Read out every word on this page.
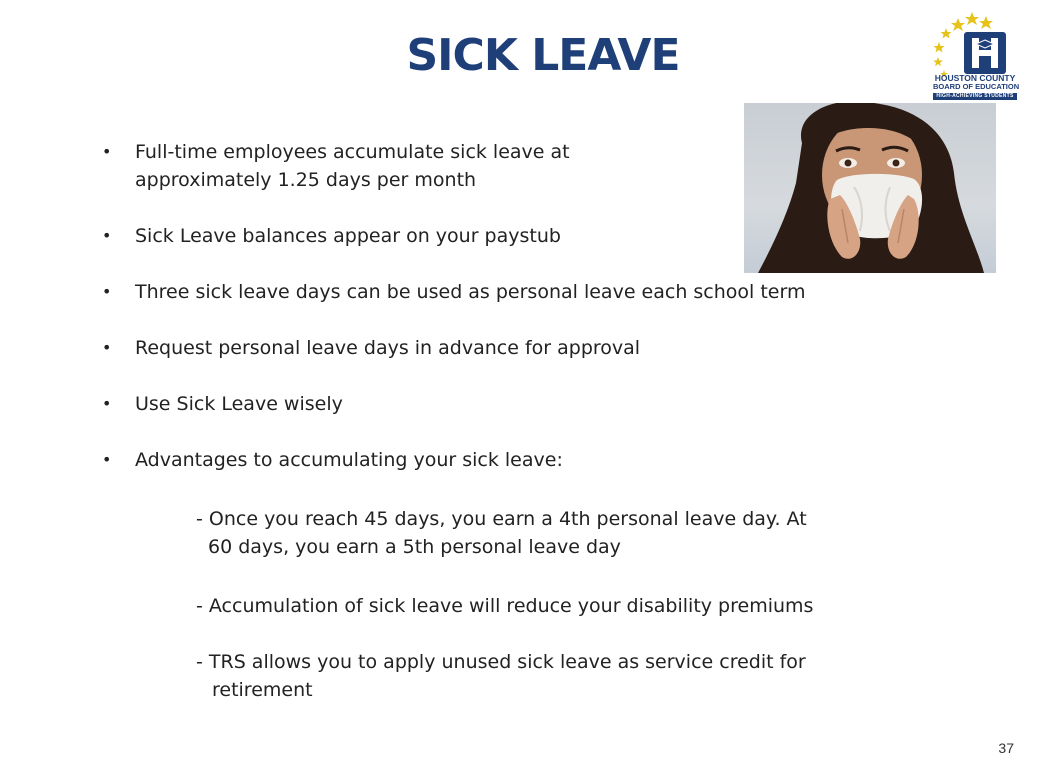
SICK LEAVE	HOUSTON COUNTY
BOARD OF EDUCATION
HIGH-ACHIEVING STUDENTS
• Full-time employees accumulate sick leave at approximately 1.25 days per month
• Sick Leave balances appear on your paystub
• Three sick leave days can be used as personal leave each school term
• Request personal leave days in advance for approval
• Use Sick Leave wisely
• Advantages to accumulating your sick leave:
- Once you reach 45 days, you earn a 4th personal leave day. At
60 days, you earn a 5th personal leave day
- Accumulation of sick leave will reduce your disability premiums
- TRS allows you to apply unused sick leave as service credit for
retirement
37
